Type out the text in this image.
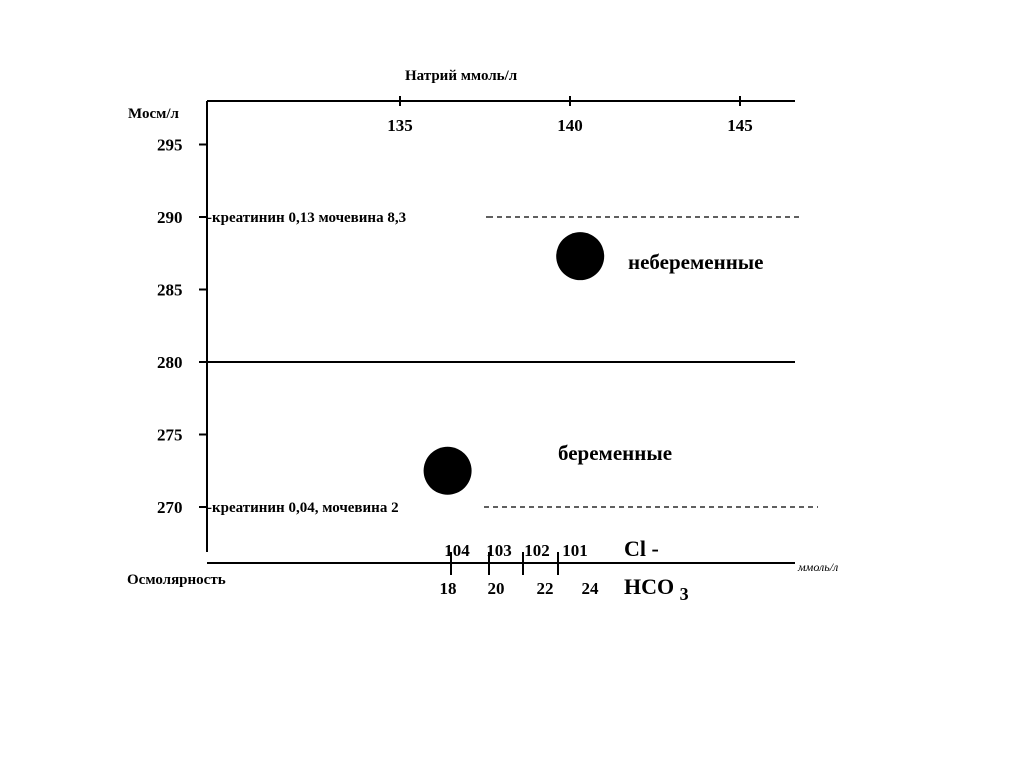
Натрий ммоль/л
Мосм/л
Осмолярность
ммоль/л
Cl -
HCO $_3$
295
290
285
280
275
270
135	140	145
-креатинин 0,13 мочевина 8,3
-креатинин 0,04, мочевина 2
небеременные
беременные
104 103 102 101
18 20 22 24
